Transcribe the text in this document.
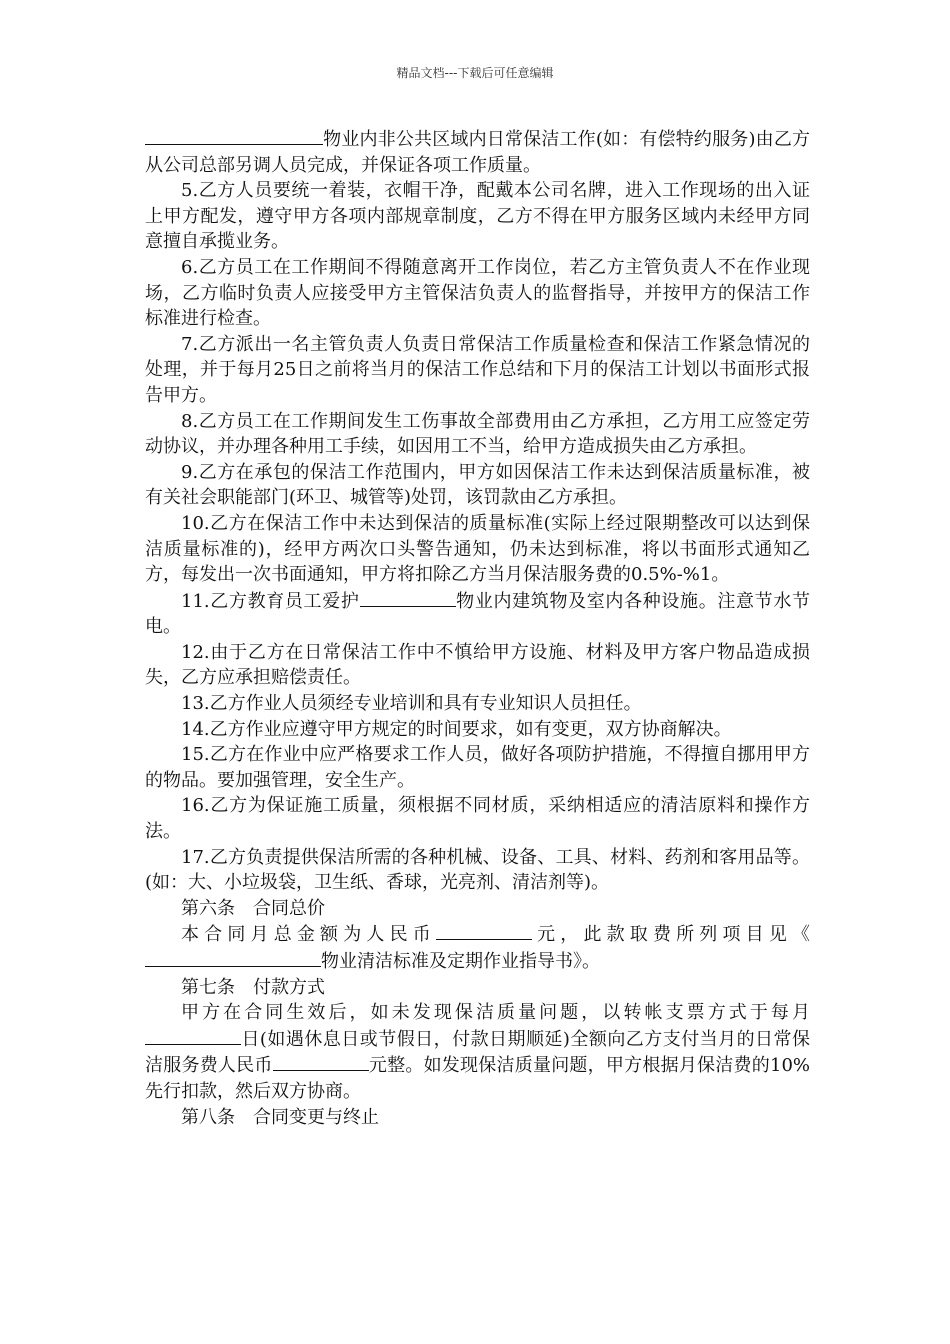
精品文档---下载后可任意编辑

物业内非公共区域内日常保洁工作(如：有偿特约服务)由乙方从公司总部另调人员完成，并保证各项工作质量。

5.乙方人员要统一着装，衣帽干净，配戴本公司名牌，进入工作现场的出入证上甲方配发，遵守甲方各项内部规章制度，乙方不得在甲方服务区域内未经甲方同意擅自承揽业务。

6.乙方员工在工作期间不得随意离开工作岗位，若乙方主管负责人不在作业现场，乙方临时负责人应接受甲方主管保洁负责人的监督指导，并按甲方的保洁工作标准进行检查。

7.乙方派出一名主管负责人负责日常保洁工作质量检查和保洁工作紧急情况的处理，并于每月25日之前将当月的保洁工作总结和下月的保洁工计划以书面形式报告甲方。

8.乙方员工在工作期间发生工伤事故全部费用由乙方承担，乙方用工应签定劳动协议，并办理各种用工手续，如因用工不当，给甲方造成损失由乙方承担。

9.乙方在承包的保洁工作范围内，甲方如因保洁工作未达到保洁质量标准，被有关社会职能部门(环卫、城管等)处罚，该罚款由乙方承担。

10.乙方在保洁工作中未达到保洁的质量标准(实际上经过限期整改可以达到保洁质量标准的)，经甲方两次口头警告通知，仍未达到标准，将以书面形式通知乙方，每发出一次书面通知，甲方将扣除乙方当月保洁服务费的0.5%-%1。

11.乙方教育员工爱护	物业内建筑物及室内各种设施。注意节水节电。

12.由于乙方在日常保洁工作中不慎给甲方设施、材料及甲方客户物品造成损失，乙方应承担赔偿责任。

13.乙方作业人员须经专业培训和具有专业知识人员担任。

14.乙方作业应遵守甲方规定的时间要求，如有变更，双方协商解决。

15.乙方在作业中应严格要求工作人员，做好各项防护措施，不得擅自挪用甲方的物品。要加强管理，安全生产。

16.乙方为保证施工质量，须根据不同材质，采纳相适应的清洁原料和操作方法。

17.乙方负责提供保洁所需的各种机械、设备、工具、材料、药剂和客用品等。(如：大、小垃圾袋，卫生纸、香球，光亮剂、清洁剂等)。

第六条　合同总价

本合同月总金额为人民币	元，此款取费所列项目见《物业清洁标准及定期作业指导书》。

第七条　付款方式

甲方在合同生效后，如未发现保洁质量问题，以转帐支票方式于每月日(如遇休息日或节假日，付款日期顺延)全额向乙方支付当月的日常保洁服务费人民币	元整。如发现保洁质量问题，甲方根据月保洁费的10%先行扣款，然后双方协商。

第八条　合同变更与终止
